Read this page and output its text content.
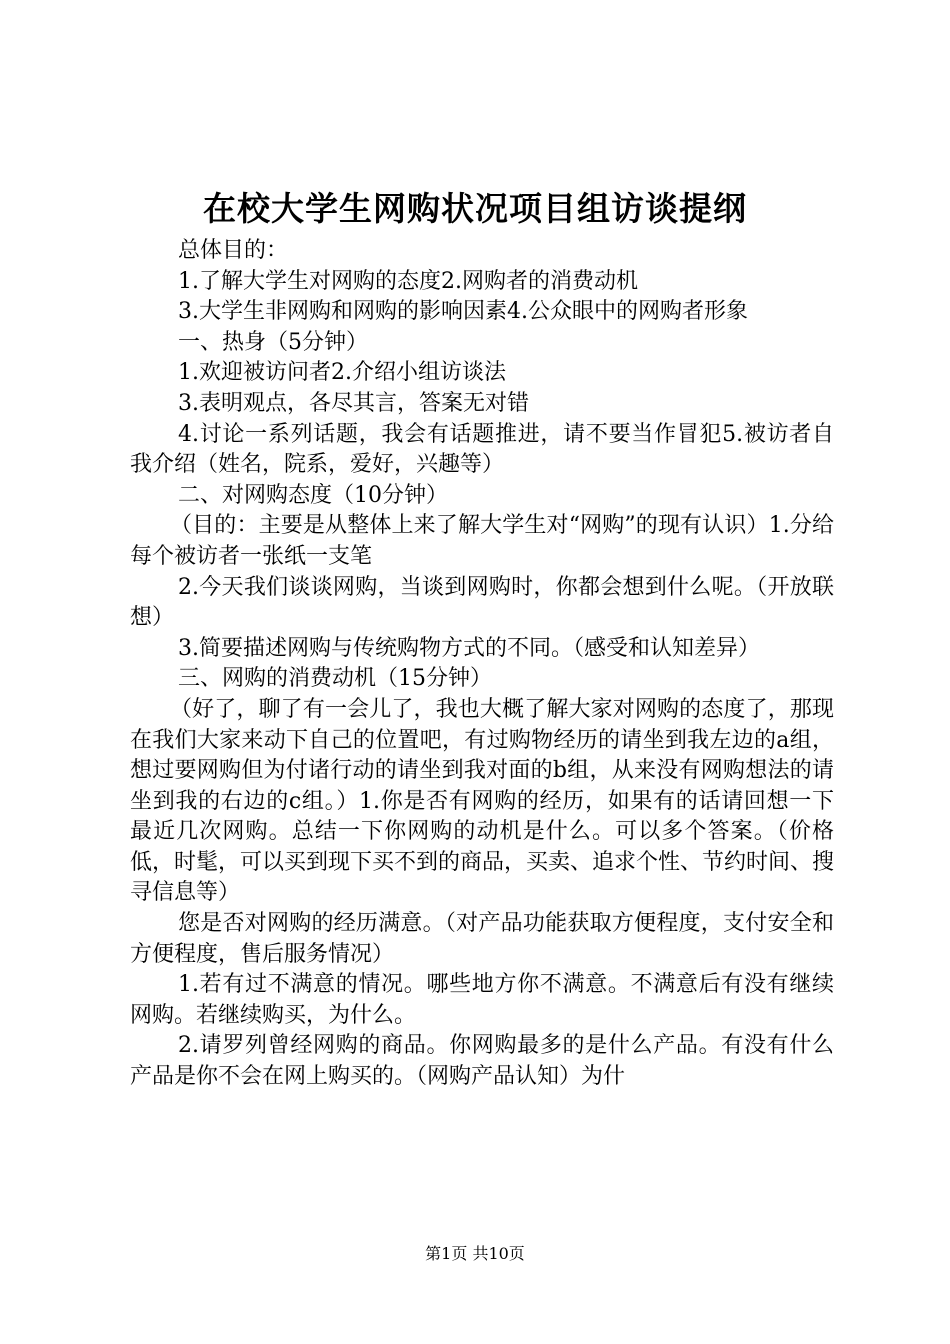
在校大学生网购状况项目组访谈提纲

总体目的：

1.了解大学生对网购的态度2.网购者的消费动机

3.大学生非网购和网购的影响因素4.公众眼中的网购者形象

一、热身（5分钟）

1.欢迎被访问者2.介绍小组访谈法

3.表明观点，各尽其言，答案无对错

4.讨论一系列话题，我会有话题推进，请不要当作冒犯5.被访者自我介绍（姓名，院系，爱好，兴趣等）

二、对网购态度（10分钟）

（目的：主要是从整体上来了解大学生对“网购”的现有认识）1.分给每个被访者一张纸一支笔

2.今天我们谈谈网购，当谈到网购时，你都会想到什么呢。（开放联想）

3.简要描述网购与传统购物方式的不同。（感受和认知差异）

三、网购的消费动机（15分钟）

（好了，聊了有一会儿了，我也大概了解大家对网购的态度了，那现在我们大家来动下自己的位置吧，有过购物经历的请坐到我左边的a组，想过要网购但为付诸行动的请坐到我对面的b组，从来没有网购想法的请坐到我的右边的c组。）1.你是否有网购的经历，如果有的话请回想一下最近几次网购。总结一下你网购的动机是什么。可以多个答案。（价格低，时髦，可以买到现下买不到的商品，买卖、追求个性、节约时间、搜寻信息等）

您是否对网购的经历满意。（对产品功能获取方便程度，支付安全和方便程度，售后服务情况）

1.若有过不满意的情况。哪些地方你不满意。不满意后有没有继续网购。若继续购买，为什么。

2.请罗列曾经网购的商品。你网购最多的是什么产品。有没有什么产品是你不会在网上购买的。（网购产品认知）为什

第1页 共10页
